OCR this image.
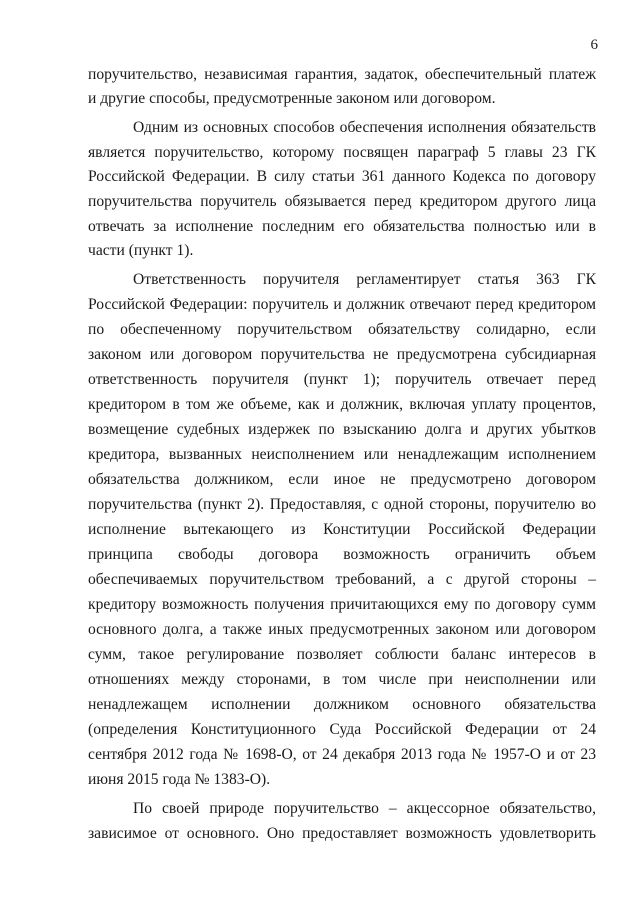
6
поручительство, независимая гарантия, задаток, обеспечительный платеж
и другие способы, предусмотренные законом или договором.
Одним из основных способов обеспечения исполнения обязательств
является поручительство, которому посвящен параграф 5 главы 23 ГК
Российской Федерации. В силу статьи 361 данного Кодекса по договору
поручительства поручитель обязывается перед кредитором другого лица
отвечать за исполнение последним его обязательства полностью или в
части (пункт 1).
Ответственность поручителя регламентирует статья 363 ГК
Российской Федерации: поручитель и должник отвечают перед кредитором
по обеспеченному поручительством обязательству солидарно, если
законом или договором поручительства не предусмотрена субсидиарная
ответственность поручителя (пункт 1); поручитель отвечает перед
кредитором в том же объеме, как и должник, включая уплату процентов,
возмещение судебных издержек по взысканию долга и других убытков
кредитора, вызванных неисполнением или ненадлежащим исполнением
обязательства должником, если иное не предусмотрено договором
поручительства (пункт 2). Предоставляя, с одной стороны, поручителю во
исполнение вытекающего из Конституции Российской Федерации
принципа свободы договора возможность ограничить объем
обеспечиваемых поручительством требований, а с другой стороны –
кредитору возможность получения причитающихся ему по договору сумм
основного долга, а также иных предусмотренных законом или договором
сумм, такое регулирование позволяет соблюсти баланс интересов в
отношениях между сторонами, в том числе при неисполнении или
ненадлежащем исполнении должником основного обязательства
(определения Конституционного Суда Российской Федерации от 24
сентября 2012 года № 1698-О, от 24 декабря 2013 года № 1957-О и от 23
июня 2015 года № 1383-О).
По своей природе поручительство – акцессорное обязательство,
зависимое от основного. Оно предоставляет возможность удовлетворить
